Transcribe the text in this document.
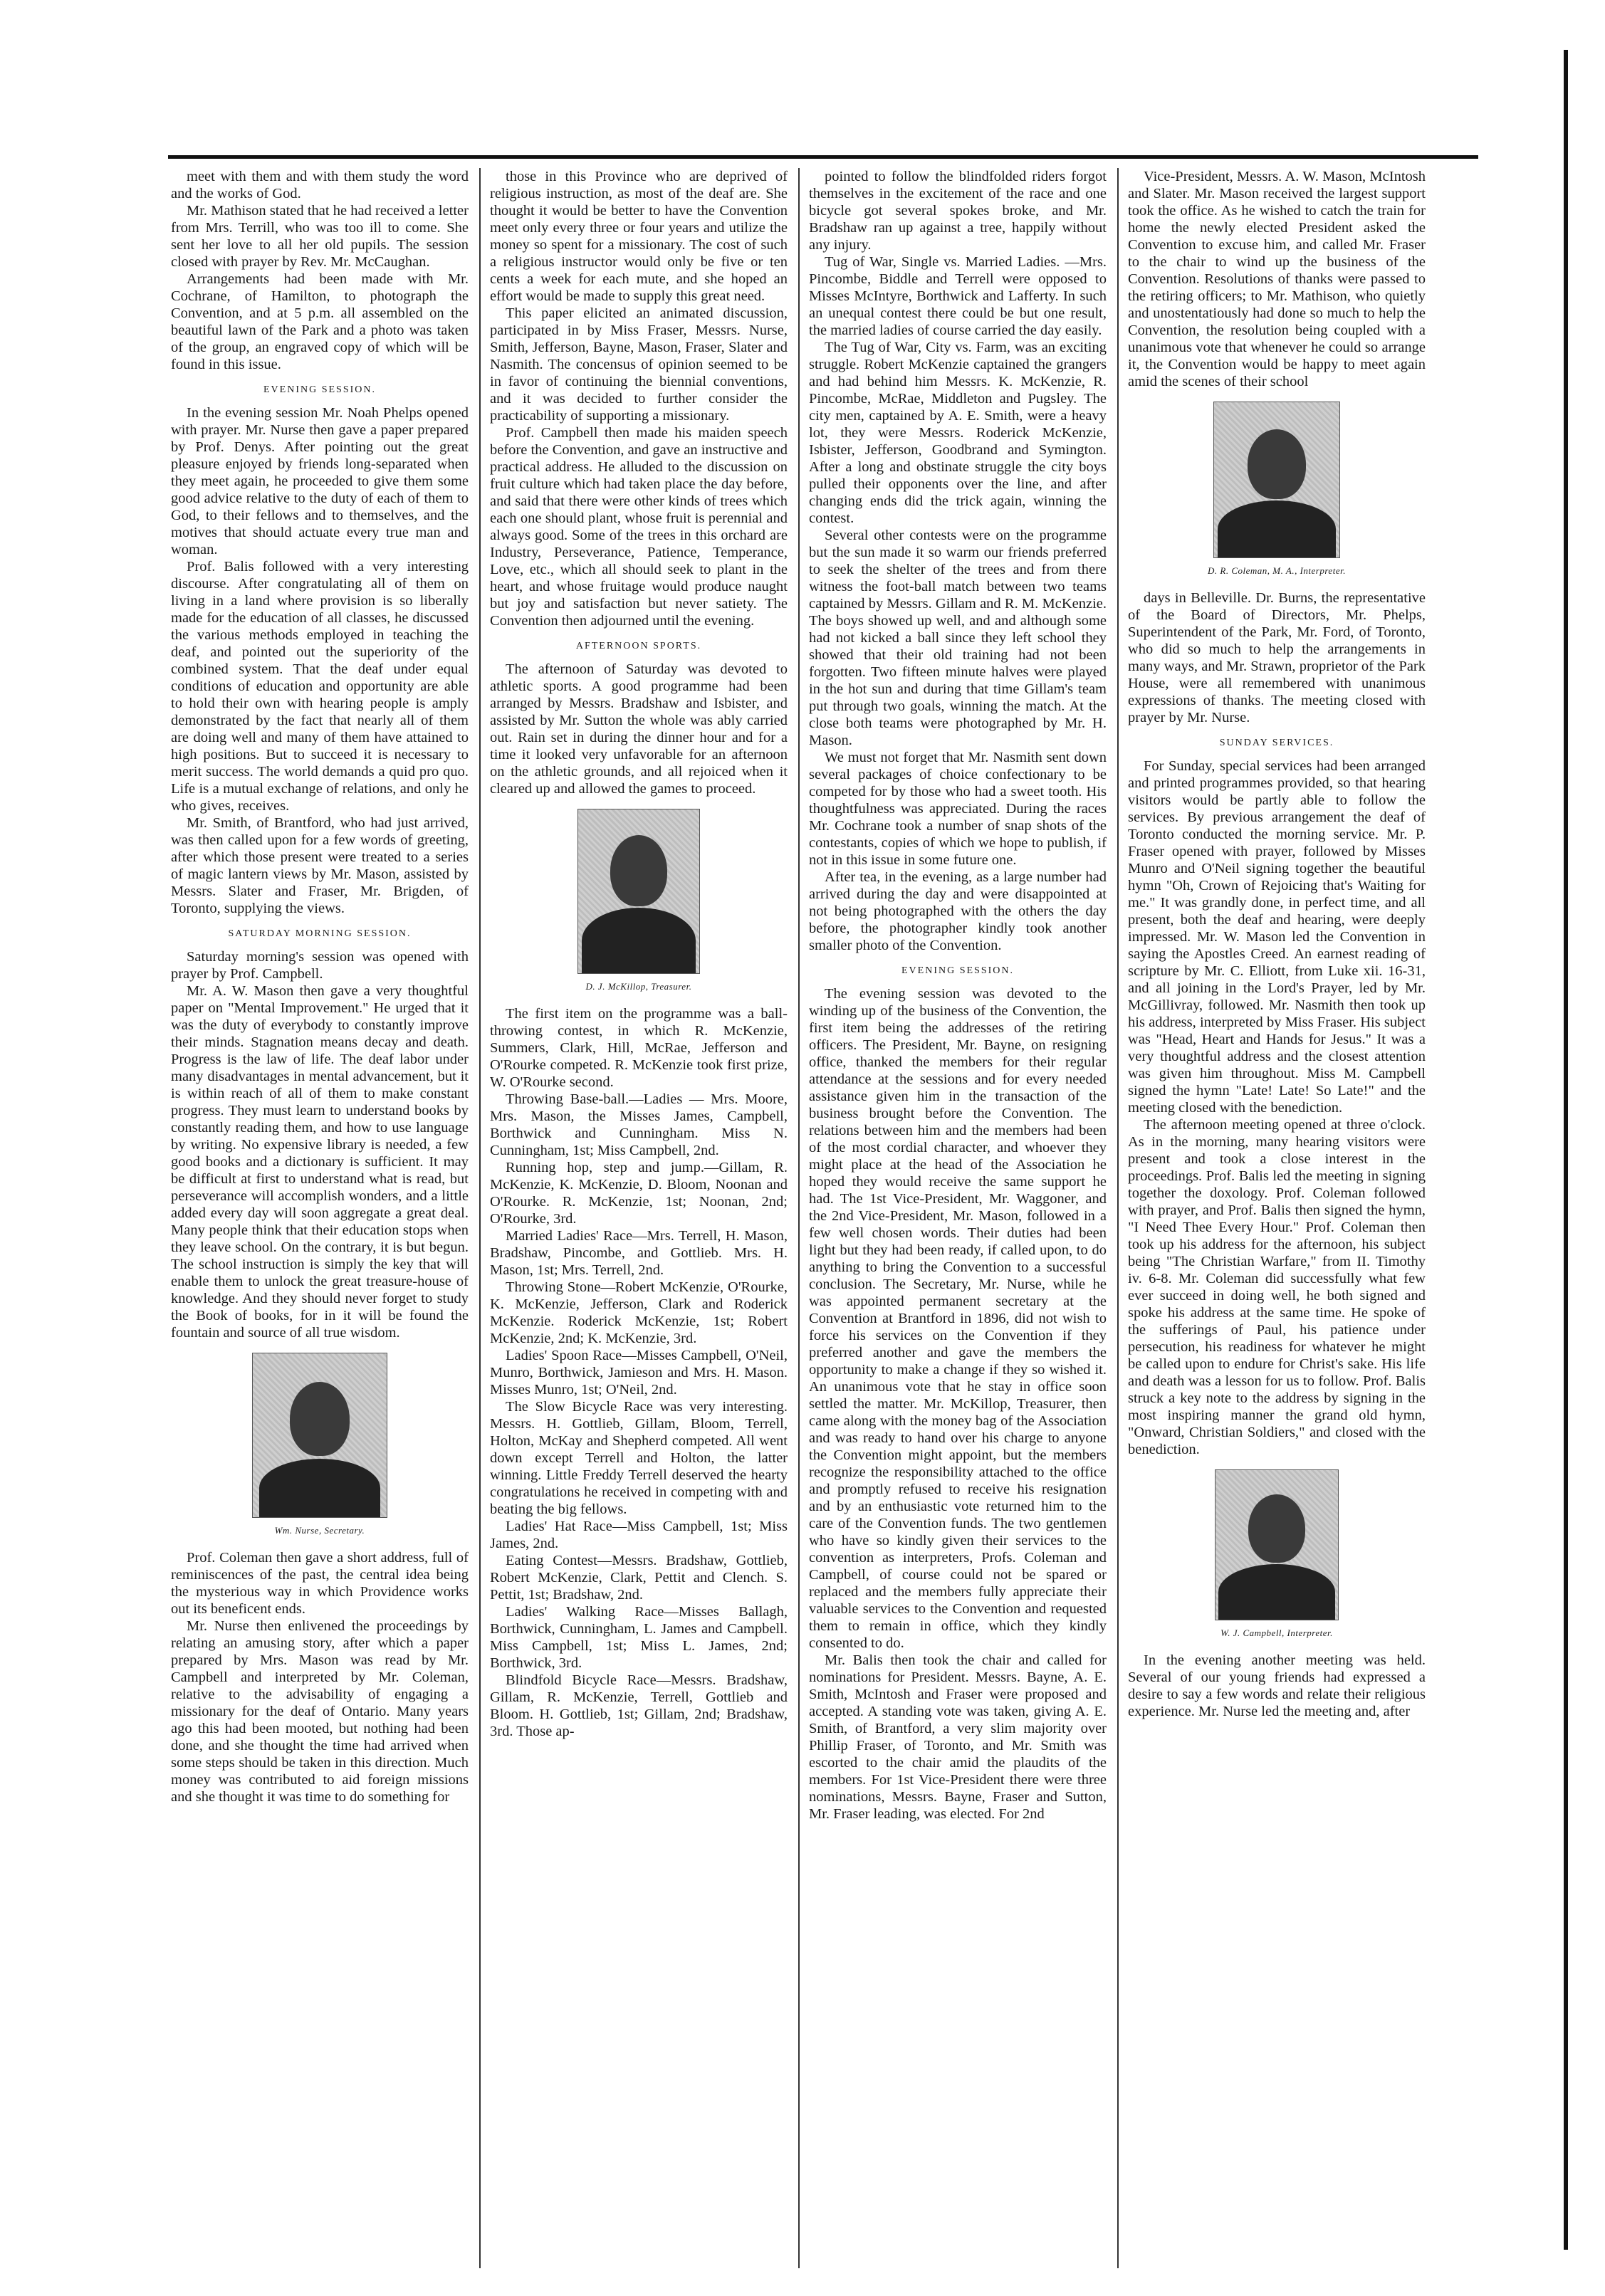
meet with them and with them study the word and the works of God.

Mr. Mathison stated that he had received a letter from Mrs. Terrill, who was too ill to come. She sent her love to all her old pupils. The session closed with prayer by Rev. Mr. McCaughan.

Arrangements had been made with Mr. Cochrane, of Hamilton, to photograph the Convention, and at 5 p.m. all assembled on the beautiful lawn of the Park and a photo was taken of the group, an engraved copy of which will be found in this issue.

EVENING SESSION.

In the evening session Mr. Noah Phelps opened with prayer. Mr. Nurse then gave a paper prepared by Prof. Denys. After pointing out the great pleasure enjoyed by friends long-separated when they meet again, he proceeded to give them some good advice relative to the duty of each of them to God, to their fellows and to themselves, and the motives that should actuate every true man and woman.

Prof. Balis followed with a very interesting discourse. After congratulating all of them on living in a land where provision is so liberally made for the education of all classes, he discussed the various methods employed in teaching the deaf, and pointed out the superiority of the combined system. That the deaf under equal conditions of education and opportunity are able to hold their own with hearing people is amply demonstrated by the fact that nearly all of them are doing well and many of them have attained to high positions. But to succeed it is necessary to merit success. The world demands a quid pro quo. Life is a mutual exchange of relations, and only he who gives, receives.

Mr. Smith, of Brantford, who had just arrived, was then called upon for a few words of greeting, after which those present were treated to a series of magic lantern views by Mr. Mason, assisted by Messrs. Slater and Fraser, Mr. Brigden, of Toronto, supplying the views.

SATURDAY MORNING SESSION.

Saturday morning's session was opened with prayer by Prof. Campbell.

Mr. A. W. Mason then gave a very thoughtful paper on "Mental Improvement." He urged that it was the duty of everybody to constantly improve their minds. Stagnation means decay and death. Progress is the law of life. The deaf labor under many disadvantages in mental advancement, but it is within reach of all of them to make constant progress. They must learn to understand books by constantly reading them, and how to use language by writing. No expensive library is needed, a few good books and a dictionary is sufficient. It may be difficult at first to understand what is read, but perseverance will accomplish wonders, and a little added every day will soon aggregate a great deal. Many people think that their education stops when they leave school. On the contrary, it is but begun. The school instruction is simply the key that will enable them to unlock the great treasure-house of knowledge. And they should never forget to study the Book of books, for in it will be found the fountain and source of all true wisdom.

Wm. Nurse, Secretary.

Prof. Coleman then gave a short address, full of reminiscences of the past, the central idea being the mysterious way in which Providence works out its beneficent ends.

Mr. Nurse then enlivened the proceedings by relating an amusing story, after which a paper prepared by Mrs. Mason was read by Mr. Campbell and interpreted by Mr. Coleman, relative to the advisability of engaging a missionary for the deaf of Ontario. Many years ago this had been mooted, but nothing had been done, and she thought the time had arrived when some steps should be taken in this direction. Much money was contributed to aid foreign missions and she thought it was time to do something for

those in this Province who are deprived of religious instruction, as most of the deaf are. She thought it would be better to have the Convention meet only every three or four years and utilize the money so spent for a missionary. The cost of such a religious instructor would only be five or ten cents a week for each mute, and she hoped an effort would be made to supply this great need.

This paper elicited an animated discussion, participated in by Miss Fraser, Messrs. Nurse, Smith, Jefferson, Bayne, Mason, Fraser, Slater and Nasmith. The concensus of opinion seemed to be in favor of continuing the biennial conventions, and it was decided to further consider the practicability of supporting a missionary.

Prof. Campbell then made his maiden speech before the Convention, and gave an instructive and practical address. He alluded to the discussion on fruit culture which had taken place the day before, and said that there were other kinds of trees which each one should plant, whose fruit is perennial and always good. Some of the trees in this orchard are Industry, Perseverance, Patience, Temperance, Love, etc., which all should seek to plant in the heart, and whose fruitage would produce naught but joy and satisfaction but never satiety. The Convention then adjourned until the evening.

AFTERNOON SPORTS.

The afternoon of Saturday was devoted to athletic sports. A good programme had been arranged by Messrs. Bradshaw and Isbister, and assisted by Mr. Sutton the whole was ably carried out. Rain set in during the dinner hour and for a time it looked very unfavorable for an afternoon on the athletic grounds, and all rejoiced when it cleared up and allowed the games to proceed.

D. J. McKillop, Treasurer.

The first item on the programme was a ball-throwing contest, in which R. McKenzie, Summers, Clark, Hill, McRae, Jefferson and O'Rourke competed. R. McKenzie took first prize, W. O'Rourke second.

Throwing Base-ball.—Ladies — Mrs. Moore, Mrs. Mason, the Misses James, Campbell, Borthwick and Cunningham. Miss N. Cunningham, 1st; Miss Campbell, 2nd.

Running hop, step and jump.—Gillam, R. McKenzie, K. McKenzie, D. Bloom, Noonan and O'Rourke. R. McKenzie, 1st; Noonan, 2nd; O'Rourke, 3rd.

Married Ladies' Race—Mrs. Terrell, H. Mason, Bradshaw, Pincombe, and Gottlieb. Mrs. H. Mason, 1st; Mrs. Terrell, 2nd.

Throwing Stone—Robert McKenzie, O'Rourke, K. McKenzie, Jefferson, Clark and Roderick McKenzie. Roderick McKenzie, 1st; Robert McKenzie, 2nd; K. McKenzie, 3rd.

Ladies' Spoon Race—Misses Campbell, O'Neil, Munro, Borthwick, Jamieson and Mrs. H. Mason. Misses Munro, 1st; O'Neil, 2nd.

The Slow Bicycle Race was very interesting. Messrs. H. Gottlieb, Gillam, Bloom, Terrell, Holton, McKay and Shepherd competed. All went down except Terrell and Holton, the latter winning. Little Freddy Terrell deserved the hearty congratulations he received in competing with and beating the big fellows.

Ladies' Hat Race—Miss Campbell, 1st; Miss James, 2nd.

Eating Contest—Messrs. Bradshaw, Gottlieb, Robert McKenzie, Clark, Pettit and Clench. S. Pettit, 1st; Bradshaw, 2nd.

Ladies' Walking Race—Misses Ballagh, Borthwick, Cunningham, L. James and Campbell. Miss Campbell, 1st; Miss L. James, 2nd; Borthwick, 3rd.

Blindfold Bicycle Race—Messrs. Bradshaw, Gillam, R. McKenzie, Terrell, Gottlieb and Bloom. H. Gottlieb, 1st; Gillam, 2nd; Bradshaw, 3rd. Those ap-

pointed to follow the blindfolded riders forgot themselves in the excitement of the race and one bicycle got several spokes broke, and Mr. Bradshaw ran up against a tree, happily without any injury.

Tug of War, Single vs. Married Ladies. —Mrs. Pincombe, Biddle and Terrell were opposed to Misses McIntyre, Borthwick and Lafferty. In such an unequal contest there could be but one result, the married ladies of course carried the day easily.

The Tug of War, City vs. Farm, was an exciting struggle. Robert McKenzie captained the grangers and had behind him Messrs. K. McKenzie, R. Pincombe, McRae, Middleton and Pugsley. The city men, captained by A. E. Smith, were a heavy lot, they were Messrs. Roderick McKenzie, Isbister, Jefferson, Goodbrand and Symington. After a long and obstinate struggle the city boys pulled their opponents over the line, and after changing ends did the trick again, winning the contest.

Several other contests were on the programme but the sun made it so warm our friends preferred to seek the shelter of the trees and from there witness the foot-ball match between two teams captained by Messrs. Gillam and R. M. McKenzie. The boys showed up well, and and although some had not kicked a ball since they left school they showed that their old training had not been forgotten. Two fifteen minute halves were played in the hot sun and during that time Gillam's team put through two goals, winning the match. At the close both teams were photographed by Mr. H. Mason.

We must not forget that Mr. Nasmith sent down several packages of choice confectionary to be competed for by those who had a sweet tooth. His thoughtfulness was appreciated. During the races Mr. Cochrane took a number of snap shots of the contestants, copies of which we hope to publish, if not in this issue in some future one.

After tea, in the evening, as a large number had arrived during the day and were disappointed at not being photographed with the others the day before, the photographer kindly took another smaller photo of the Convention.

EVENING SESSION.

The evening session was devoted to the winding up of the business of the Convention, the first item being the addresses of the retiring officers. The President, Mr. Bayne, on resigning office, thanked the members for their regular attendance at the sessions and for every needed assistance given him in the transaction of the business brought before the Convention. The relations between him and the members had been of the most cordial character, and whoever they might place at the head of the Association he hoped they would receive the same support he had. The 1st Vice-President, Mr. Waggoner, and the 2nd Vice-President, Mr. Mason, followed in a few well chosen words. Their duties had been light but they had been ready, if called upon, to do anything to bring the Convention to a successful conclusion. The Secretary, Mr. Nurse, while he was appointed permanent secretary at the Convention at Brantford in 1896, did not wish to force his services on the Convention if they preferred another and gave the members the opportunity to make a change if they so wished it. An unanimous vote that he stay in office soon settled the matter. Mr. McKillop, Treasurer, then came along with the money bag of the Association and was ready to hand over his charge to anyone the Convention might appoint, but the members recognize the responsibility attached to the office and promptly refused to receive his resignation and by an enthusiastic vote returned him to the care of the Convention funds. The two gentlemen who have so kindly given their services to the convention as interpreters, Profs. Coleman and Campbell, of course could not be spared or replaced and the members fully appreciate their valuable services to the Convention and requested them to remain in office, which they kindly consented to do.

Mr. Balis then took the chair and called for nominations for President. Messrs. Bayne, A. E. Smith, McIntosh and Fraser were proposed and accepted. A standing vote was taken, giving A. E. Smith, of Brantford, a very slim majority over Phillip Fraser, of Toronto, and Mr. Smith was escorted to the chair amid the plaudits of the members. For 1st Vice-President there were three nominations, Messrs. Bayne, Fraser and Sutton, Mr. Fraser leading, was elected. For 2nd

Vice-President, Messrs. A. W. Mason, McIntosh and Slater. Mr. Mason received the largest support took the office. As he wished to catch the train for home the newly elected President asked the Convention to excuse him, and called Mr. Fraser to the chair to wind up the business of the Convention. Resolutions of thanks were passed to the retiring officers; to Mr. Mathison, who quietly and unostentatiously had done so much to help the Convention, the resolution being coupled with a unanimous vote that whenever he could so arrange it, the Convention would be happy to meet again amid the scenes of their school

D. R. Coleman, M. A., Interpreter.

days in Belleville. Dr. Burns, the representative of the Board of Directors, Mr. Phelps, Superintendent of the Park, Mr. Ford, of Toronto, who did so much to help the arrangements in many ways, and Mr. Strawn, proprietor of the Park House, were all remembered with unanimous expressions of thanks. The meeting closed with prayer by Mr. Nurse.

SUNDAY SERVICES.

For Sunday, special services had been arranged and printed programmes provided, so that hearing visitors would be partly able to follow the services. By previous arrangement the deaf of Toronto conducted the morning service. Mr. P. Fraser opened with prayer, followed by Misses Munro and O'Neil signing together the beautiful hymn "Oh, Crown of Rejoicing that's Waiting for me." It was grandly done, in perfect time, and all present, both the deaf and hearing, were deeply impressed. Mr. W. Mason led the Convention in saying the Apostles Creed. An earnest reading of scripture by Mr. C. Elliott, from Luke xii. 16-31, and all joining in the Lord's Prayer, led by Mr. McGillivray, followed. Mr. Nasmith then took up his address, interpreted by Miss Fraser. His subject was "Head, Heart and Hands for Jesus." It was a very thoughtful address and the closest attention was given him throughout. Miss M. Campbell signed the hymn "Late! Late! So Late!" and the meeting closed with the benediction.

The afternoon meeting opened at three o'clock. As in the morning, many hearing visitors were present and took a close interest in the proceedings. Prof. Balis led the meeting in signing together the doxology. Prof. Coleman followed with prayer, and Prof. Balis then signed the hymn, "I Need Thee Every Hour." Prof. Coleman then took up his address for the afternoon, his subject being "The Christian Warfare," from II. Timothy iv. 6-8. Mr. Coleman did successfully what few ever succeed in doing well, he both signed and spoke his address at the same time. He spoke of the sufferings of Paul, his patience under persecution, his readiness for whatever he might be called upon to endure for Christ's sake. His life and death was a lesson for us to follow. Prof. Balis struck a key note to the address by signing in the most inspiring manner the grand old hymn, "Onward, Christian Soldiers," and closed with the benediction.

W. J. Campbell, Interpreter.

In the evening another meeting was held. Several of our young friends had expressed a desire to say a few words and relate their religious experience. Mr. Nurse led the meeting and, after
